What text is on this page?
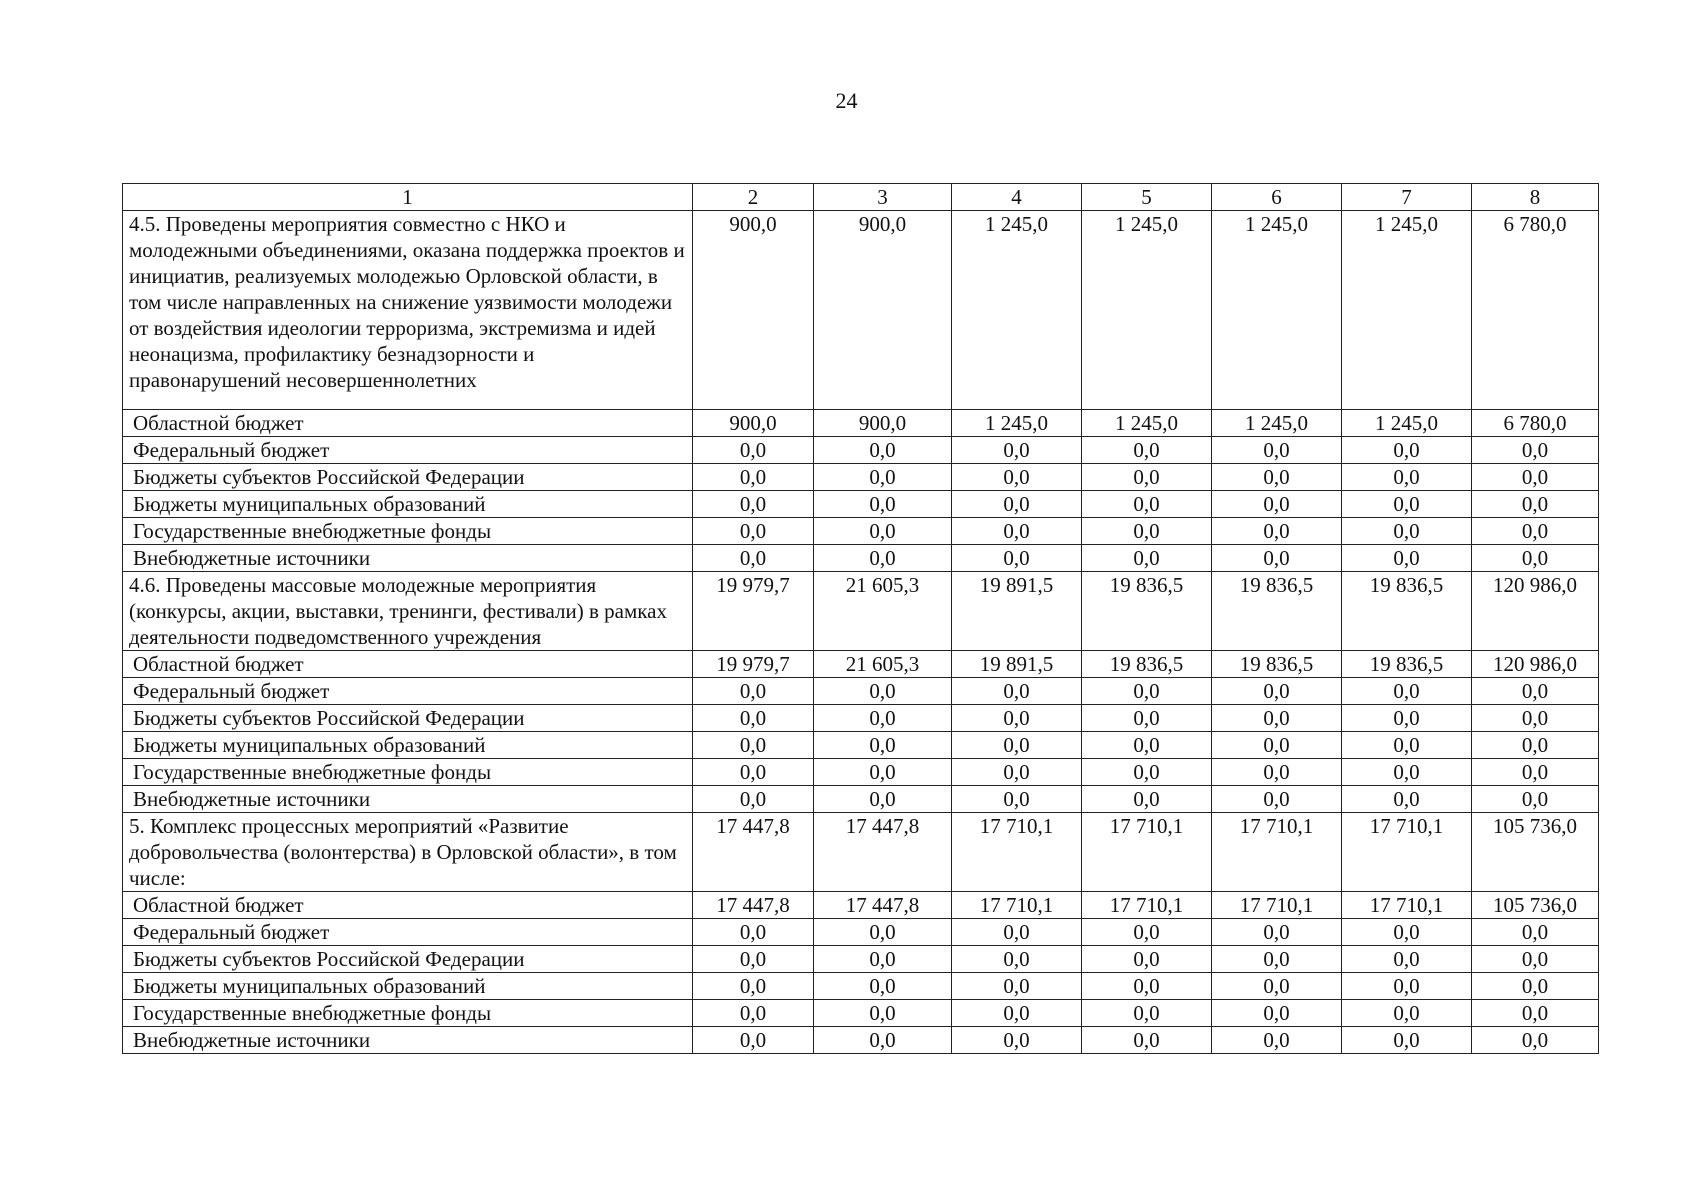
24
1	2	3	4	5	6	7	8
4.5. Проведены мероприятия совместно с НКО и молодежными объединениями, оказана поддержка проектов и инициатив, реализуемых молодежью Орловской области, в том числе направленных на снижение уязвимости молодежи от воздействия идеологии терроризма, экстремизма и идей неонацизма, профилактику безнадзорности и правонарушений несовершеннолетних	900,0	900,0	1 245,0	1 245,0	1 245,0	1 245,0	6 780,0
Областной бюджет	900,0	900,0	1 245,0	1 245,0	1 245,0	1 245,0	6 780,0
Федеральный бюджет	0,0	0,0	0,0	0,0	0,0	0,0	0,0
Бюджеты субъектов Российской Федерации	0,0	0,0	0,0	0,0	0,0	0,0	0,0
Бюджеты муниципальных образований	0,0	0,0	0,0	0,0	0,0	0,0	0,0
Государственные внебюджетные фонды	0,0	0,0	0,0	0,0	0,0	0,0	0,0
Внебюджетные источники	0,0	0,0	0,0	0,0	0,0	0,0	0,0
4.6. Проведены массовые молодежные мероприятия (конкурсы, акции, выставки, тренинги, фестивали) в рамках деятельности подведомственного учреждения	19 979,7	21 605,3	19 891,5	19 836,5	19 836,5	19 836,5	120 986,0
Областной бюджет	19 979,7	21 605,3	19 891,5	19 836,5	19 836,5	19 836,5	120 986,0
Федеральный бюджет	0,0	0,0	0,0	0,0	0,0	0,0	0,0
Бюджеты субъектов Российской Федерации	0,0	0,0	0,0	0,0	0,0	0,0	0,0
Бюджеты муниципальных образований	0,0	0,0	0,0	0,0	0,0	0,0	0,0
Государственные внебюджетные фонды	0,0	0,0	0,0	0,0	0,0	0,0	0,0
Внебюджетные источники	0,0	0,0	0,0	0,0	0,0	0,0	0,0
5. Комплекс процессных мероприятий «Развитие добровольчества (волонтерства) в Орловской области», в том числе:	17 447,8	17 447,8	17 710,1	17 710,1	17 710,1	17 710,1	105 736,0
Областной бюджет	17 447,8	17 447,8	17 710,1	17 710,1	17 710,1	17 710,1	105 736,0
Федеральный бюджет	0,0	0,0	0,0	0,0	0,0	0,0	0,0
Бюджеты субъектов Российской Федерации	0,0	0,0	0,0	0,0	0,0	0,0	0,0
Бюджеты муниципальных образований	0,0	0,0	0,0	0,0	0,0	0,0	0,0
Государственные внебюджетные фонды	0,0	0,0	0,0	0,0	0,0	0,0	0,0
Внебюджетные источники	0,0	0,0	0,0	0,0	0,0	0,0	0,0
